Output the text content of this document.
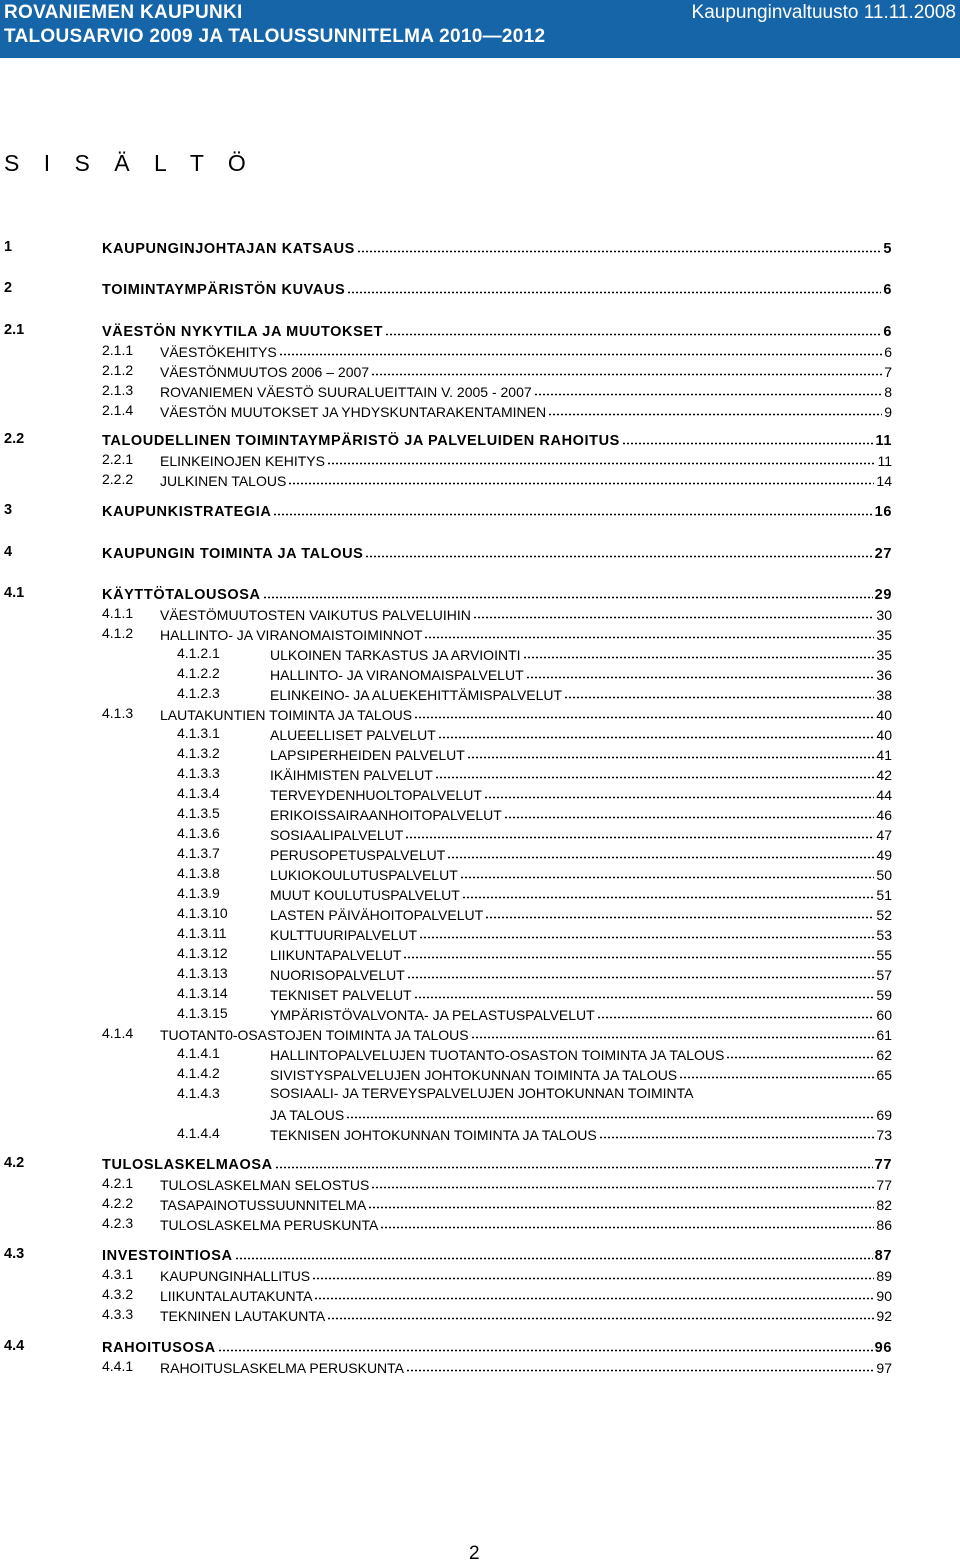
ROVANIEMEN KAUPUNKI
TALOUSARVIO 2009 JA TALOUSSUNNITELMA 2010—2012
Kaupunginvaltuusto 11.11.2008
S I S Ä L T Ö
1	KAUPUNGINJOHTAJAN KATSAUS	5
2	TOIMINTAYMPÄRISTÖN KUVAUS	6
2.1	VÄESTÖN NYKYTILA JA MUUTOKSET	6
2.1.1 VÄESTÖKEHITYS	6
2.1.2 VÄESTÖNMUUTOS 2006 – 2007	7
2.1.3 ROVANIEMEN VÄESTÖ SUURALUEITTAIN V. 2005 - 2007	8
2.1.4 VÄESTÖN MUUTOKSET JA YHDYSKUNTARAKENTAMINEN	9
2.2	TALOUDELLINEN TOIMINTAYMPÄRISTÖ JA PALVELUIDEN RAHOITUS	11
2.2.1 ELINKEINOJEN KEHITYS	11
2.2.2 JULKINEN TALOUS	14
3	KAUPUNKISTRATEGIA	16
4	KAUPUNGIN TOIMINTA JA TALOUS	27
4.1	KÄYTTÖTALOUSOSA	29
4.1.1 VÄESTÖMUUTOSTEN VAIKUTUS PALVELUIHIN	30
4.1.2 HALLINTO- JA VIRANOMAISTOIMINNOT	35
4.1.2.1	ULKOINEN TARKASTUS JA ARVIOINTI	35
4.1.2.2	HALLINTO- JA VIRANOMAISPALVELUT	36
4.1.2.3	ELINKEINO- JA ALUEKEHITTÄMISPALVELUT	38
4.1.3 LAUTAKUNTIEN TOIMINTA JA TALOUS	40
4.1.3.1	ALUEELLISET PALVELUT	40
4.1.3.2	LAPSIPERHEIDEN PALVELUT	41
4.1.3.3	IKÄIHMISTEN PALVELUT	42
4.1.3.4	TERVEYDENHUOLTOPALVELUT	44
4.1.3.5	ERIKOISSAIRAANHOITOPALVELUT	46
4.1.3.6	SOSIAALIPALVELUT	47
4.1.3.7	PERUSOPETUSPALVELUT	49
4.1.3.8	LUKIOKOULUTUSPALVELUT	50
4.1.3.9	MUUT KOULUTUSPALVELUT	51
4.1.3.10	LASTEN PÄIVÄHOITOPALVELUT	52
4.1.3.11	KULTTUURIPALVELUT	53
4.1.3.12	LIIKUNTAPALVELUT	55
4.1.3.13	NUORISOPALVELUT	57
4.1.3.14	TEKNISET PALVELUT	59
4.1.3.15	YMPÄRISTÖVALVONTA- JA PELASTUSPALVELUT	60
4.1.4 TUOTANT0-OSASTOJEN TOIMINTA JA TALOUS	61
4.1.4.1	HALLINTOPALVELUJEN TUOTANTO-OSASTON TOIMINTA JA TALOUS	62
4.1.4.2	SIVISTYSPALVELUJEN JOHTOKUNNAN TOIMINTA JA TALOUS	65
4.1.4.3	SOSIAALI- JA TERVEYSPALVELUJEN JOHTOKUNNAN TOIMINTA
JA TALOUS	69
4.1.4.4	TEKNISEN JOHTOKUNNAN TOIMINTA JA TALOUS	73
4.2	TULOSLASKELMAOSA	77
4.2.1 TULOSLASKELMAN SELOSTUS	77
4.2.2 TASAPAINOTUSSUUNNITELMA	82
4.2.3 TULOSLASKELMA PERUSKUNTA	86
4.3	INVESTOINTIOSA	87
4.3.1 KAUPUNGINHALLITUS	89
4.3.2 LIIKUNTALAUTAKUNTA	90
4.3.3 TEKNINEN LAUTAKUNTA	92
4.4	RAHOITUSOSA	96
4.4.1 RAHOITUSLASKELMA PERUSKUNTA	97
2
